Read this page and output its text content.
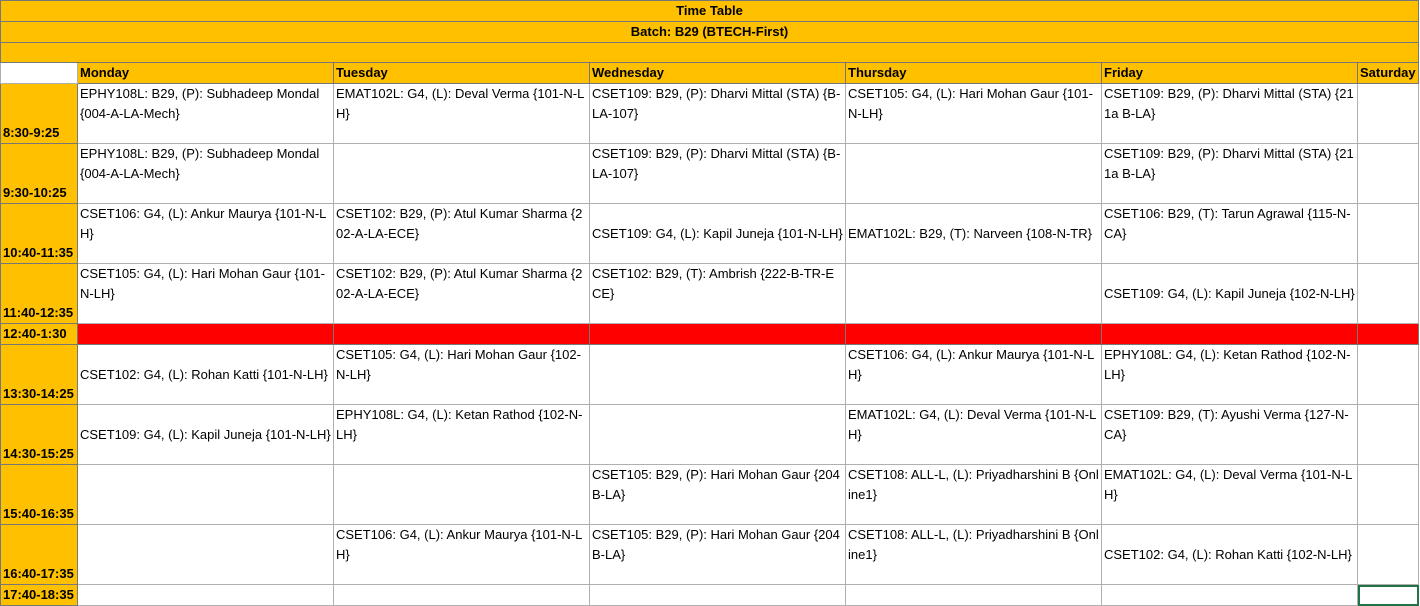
Time Table						
Batch: B29 (BTECH-First)						

	Monday	Tuesday	Wednesday	Thursday	Friday	Saturday
8:30-9:25	EPHY108L: B29, (P): Subhadeep Mondal {004-A-LA-Mech}	EMAT102L: G4, (L): Deval Verma {101-N-LH}	CSET109: B29, (P): Dharvi Mittal (STA) {B-LA-107}	CSET105: G4, (L): Hari Mohan Gaur {101-N-LH}	CSET109: B29, (P): Dharvi Mittal (STA) {211a B-LA}	
9:30-10:25	EPHY108L: B29, (P): Subhadeep Mondal {004-A-LA-Mech}		CSET109: B29, (P): Dharvi Mittal (STA) {B-LA-107}		CSET109: B29, (P): Dharvi Mittal (STA) {211a B-LA}	
10:40-11:35	CSET106: G4, (L): Ankur Maurya {101-N-LH}	CSET102: B29, (P): Atul Kumar Sharma {202-A-LA-ECE}	CSET109: G4, (L): Kapil Juneja {101-N-LH}	EMAT102L: B29, (T): Narveen {108-N-TR}	CSET106: B29, (T): Tarun Agrawal {115-N-CA}	
11:40-12:35	CSET105: G4, (L): Hari Mohan Gaur {101-N-LH}	CSET102: B29, (P): Atul Kumar Sharma {202-A-LA-ECE}	CSET102: B29, (T): Ambrish {222-B-TR-ECE}		CSET109: G4, (L): Kapil Juneja {102-N-LH}	
12:40-1:30						
13:30-14:25	CSET102: G4, (L): Rohan Katti {101-N-LH}	CSET105: G4, (L): Hari Mohan Gaur {102-N-LH}		CSET106: G4, (L): Ankur Maurya {101-N-LH}	EPHY108L: G4, (L): Ketan Rathod {102-N-LH}	
14:30-15:25	CSET109: G4, (L): Kapil Juneja {101-N-LH}	EPHY108L: G4, (L): Ketan Rathod {102-N-LH}		EMAT102L: G4, (L): Deval Verma {101-N-LH}	CSET109: B29, (T): Ayushi Verma {127-N-CA}	
15:40-16:35			CSET105: B29, (P): Hari Mohan Gaur {204 B-LA}	CSET108: ALL-L, (L): Priyadharshini B {Online1}	EMAT102L: G4, (L): Deval Verma {101-N-LH}	
16:40-17:35		CSET106: G4, (L): Ankur Maurya {101-N-LH}	CSET105: B29, (P): Hari Mohan Gaur {204 B-LA}	CSET108: ALL-L, (L): Priyadharshini B {Online1}	CSET102: G4, (L): Rohan Katti {102-N-LH}	
17:40-18:35						
